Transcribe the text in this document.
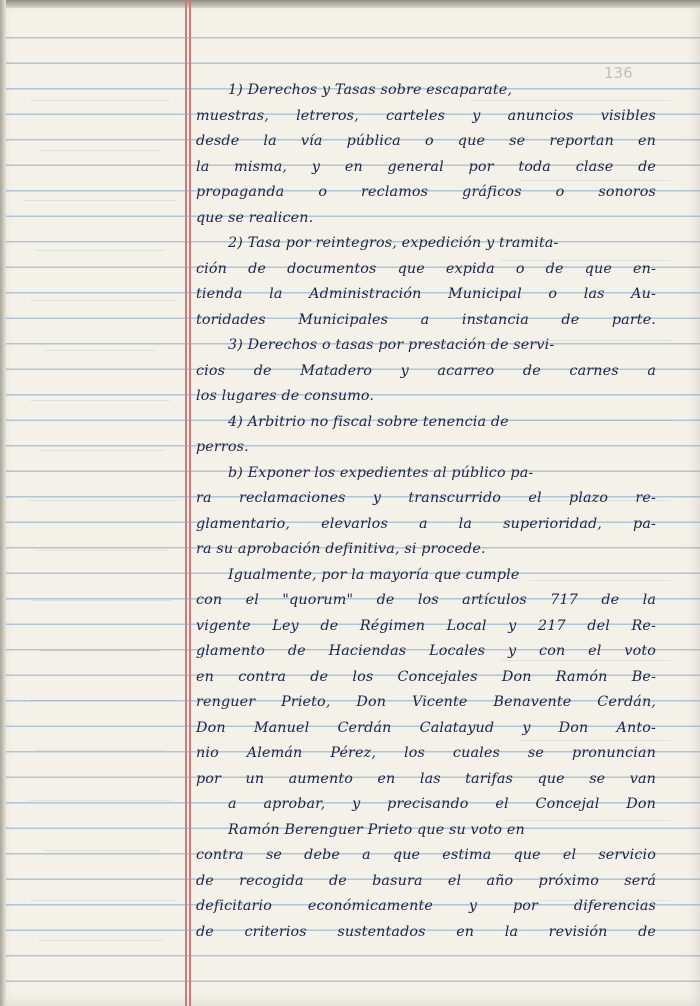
136
1) Derechos y Tasas sobre escaparate,
muestras, letreros, carteles y anuncios visibles
desde la vía pública o que se reportan en
la misma, y en general por toda clase de
propaganda o reclamos gráficos o sonoros
que se realicen.
2) Tasa por reintegros, expedición y tramita-
ción de documentos que expida o de que en-
tienda la Administración Municipal o las Au-
toridades Municipales a instancia de parte.
3) Derechos o tasas por prestación de servi-
cios de Matadero y acarreo de carnes a
los lugares de consumo.
4) Arbitrio no fiscal sobre tenencia de
perros.
b) Exponer los expedientes al público pa-
ra reclamaciones y transcurrido el plazo re-
glamentario, elevarlos a la superioridad, pa-
ra su aprobación definitiva, si procede.
Igualmente, por la mayoría que cumple
con el "quorum" de los artículos 717 de la
vigente Ley de Régimen Local y 217 del Re-
glamento de Haciendas Locales y con el voto
en contra de los Concejales Don Ramón Be-
renguer Prieto, Don Vicente Benavente Cerdán,
Don Manuel Cerdán Calatayud y Don Anto-
nio Alemán Pérez, los cuales se pronuncian
por un aumento en las tarifas que se van
a aprobar, y precisando el Concejal Don
Ramón Berenguer Prieto que su voto en
contra se debe a que estima que el servicio
de recogida de basura el año próximo será
deficitario económicamente y por diferencias
de criterios sustentados en la revisión de
